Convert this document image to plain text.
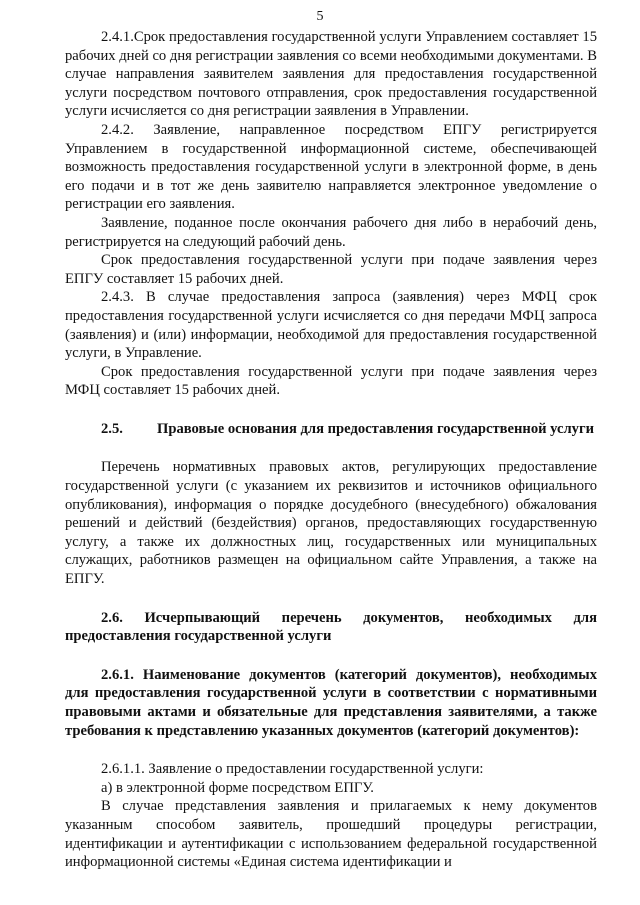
5

2.4.1.Срок предоставления государственной услуги Управлением составляет 15 рабочих дней со дня регистрации заявления со всеми необходимыми документами. В случае направления заявителем заявления для предоставления государственной услуги посредством почтового отправления, срок предоставления государственной услуги исчисляется со дня регистрации заявления в Управлении.

2.4.2. Заявление, направленное посредством ЕПГУ регистрируется Управлением в государственной информационной системе, обеспечивающей возможность предоставления государственной услуги в электронной форме, в день его подачи и в тот же день заявителю направляется электронное уведомление о регистрации его заявления.

Заявление, поданное после окончания рабочего дня либо в нерабочий день, регистрируется на следующий рабочий день.

Срок предоставления государственной услуги при подаче заявления через ЕПГУ составляет 15 рабочих дней.

2.4.3. В случае предоставления запроса (заявления) через МФЦ срок предоставления государственной услуги исчисляется со дня передачи МФЦ запроса (заявления) и (или) информации, необходимой для предоставления государственной услуги, в Управление.

Срок предоставления государственной услуги при подаче заявления через МФЦ составляет 15 рабочих дней.

2.5.	Правовые основания для предоставления государственной услуги

Перечень нормативных правовых актов, регулирующих предоставление государственной услуги (с указанием их реквизитов и источников официального опубликования), информация о порядке досудебного (внесудебного) обжалования решений и действий (бездействия) органов, предоставляющих государственную услугу, а также их должностных лиц, государственных или муниципальных служащих, работников размещен на официальном сайте Управления, а также на ЕПГУ.

2.6. Исчерпывающий перечень документов, необходимых для предоставления государственной услуги

2.6.1. Наименование документов (категорий документов), необходимых для предоставления государственной услуги в соответствии с нормативными правовыми актами и обязательные для представления заявителями, а также требования к представлению указанных документов (категорий документов):

2.6.1.1. Заявление о предоставлении государственной услуги:

а) в электронной форме посредством ЕПГУ.

В случае представления заявления и прилагаемых к нему документов указанным способом заявитель, прошедший процедуры регистрации, идентификации и аутентификации с использованием федеральной государственной информационной системы «Единая система идентификации и
